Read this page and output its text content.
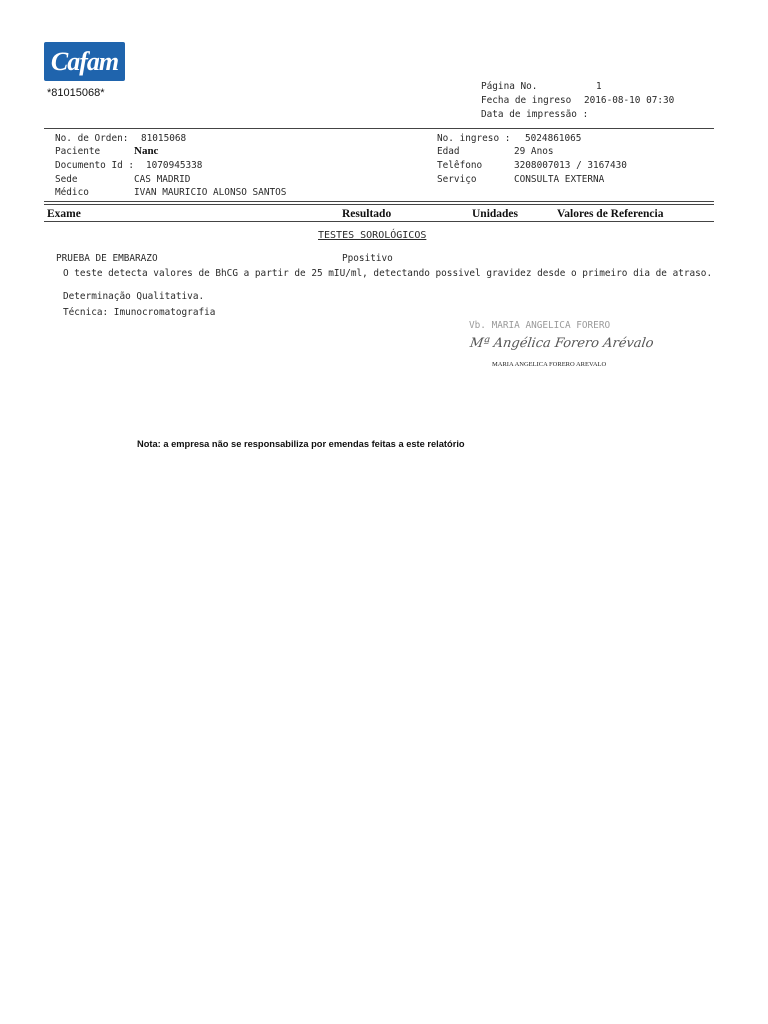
Cafam
*81015068*
Página No.	1
Fecha de ingreso 2016-08-10 07:30
Data de impressão :
No. de Orden: 81015068
Paciente	Nanc
Documento Id : 1070945338
Sede	CAS MADRID
Médico	IVAN MAURICIO ALONSO SANTOS
No. ingreso : 5024861065
Edad	29 Anos
Telêfono	3208007013 / 3167430
Serviço	CONSULTA EXTERNA
Exame	Resultado	Unidades	Valores de Referencia
TESTES SOROLÓGICOS
PRUEBA DE EMBARAZO	Ppositivo
O teste detecta valores de BhCG a partir de 25 mIU/ml, detectando possivel gravidez desde o primeiro dia de atraso.
Determinação Qualitativa.
Técnica: Imunocromatografia
Vb. MARIA ANGELICA FORERO
Mª Angélica Forero Arévalo
MARIA ANGELICA FORERO AREVALO
Nota: a empresa não se responsabiliza por emendas feitas a este relatório
